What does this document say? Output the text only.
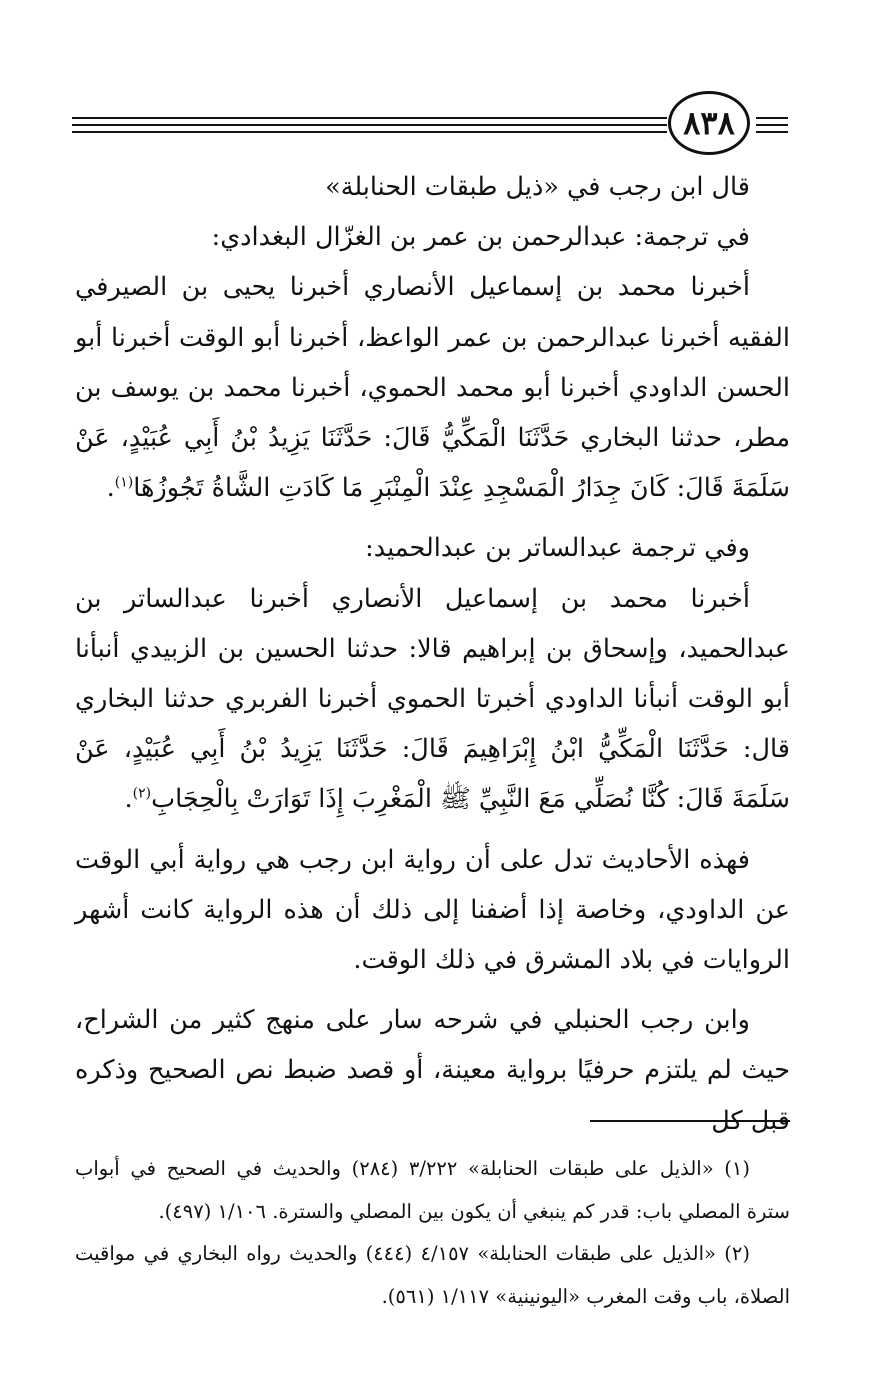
٨٣٨

قال ابن رجب في «ذيل طبقات الحنابلة»

في ترجمة: عبدالرحمن بن عمر بن الغزّال البغدادي:

أخبرنا محمد بن إسماعيل الأنصاري أخبرنا يحيى بن الصيرفي الفقيه أخبرنا عبدالرحمن بن عمر الواعظ، أخبرنا أبو الوقت أخبرنا أبو الحسن الداودي أخبرنا أبو محمد الحموي، أخبرنا محمد بن يوسف بن مطر، حدثنا البخاري حَدَّثَنَا الْمَكِّيُّ قَالَ: حَدَّثَنَا يَزِيدُ بْنُ أَبِي عُبَيْدٍ، عَنْ سَلَمَةَ قَالَ: كَانَ جِدَارُ الْمَسْجِدِ عِنْدَ الْمِنْبَرِ مَا كَادَتِ الشَّاةُ تَجُوزُهَا$^{(١)}$.

وفي ترجمة عبدالساتر بن عبدالحميد:

أخبرنا محمد بن إسماعيل الأنصاري أخبرنا عبدالساتر بن عبدالحميد، وإسحاق بن إبراهيم قالا: حدثنا الحسين بن الزبيدي أنبأنا أبو الوقت أنبأنا الداودي أخبرتا الحموي أخبرنا الفربري حدثنا البخاري قال: حَدَّثَنَا الْمَكِّيُّ ابْنُ إِبْرَاهِيمَ قَالَ: حَدَّثَنَا يَزِيدُ بْنُ أَبِي عُبَيْدٍ، عَنْ سَلَمَةَ قَالَ: كُنَّا نُصَلِّي مَعَ النَّبِيِّ ﷺ الْمَغْرِبَ إِذَا تَوَارَتْ بِالْحِجَابِ$^{(٢)}$.

فهذه الأحاديث تدل على أن رواية ابن رجب هي رواية أبي الوقت عن الداودي، وخاصة إذا أضفنا إلى ذلك أن هذه الرواية كانت أشهر الروايات في بلاد المشرق في ذلك الوقت.

وابن رجب الحنبلي في شرحه سار على منهج كثير من الشراح، حيث لم يلتزم حرفيًا برواية معينة، أو قصد ضبط نص الصحيح وذكره قبل كل

(١) «الذيل على طبقات الحنابلة» ٣/٢٢٢ (٢٨٤) والحديث في الصحيح في أبواب سترة المصلي باب: قدر كم ينبغي أن يكون بين المصلي والسترة. ١/١٠٦ (٤٩٧).

(٢) «الذيل على طبقات الحنابلة» ٤/١٥٧ (٤٤٤) والحديث رواه البخاري في مواقيت الصلاة، باب وقت المغرب «اليونينية» ١/١١٧ (٥٦١).
